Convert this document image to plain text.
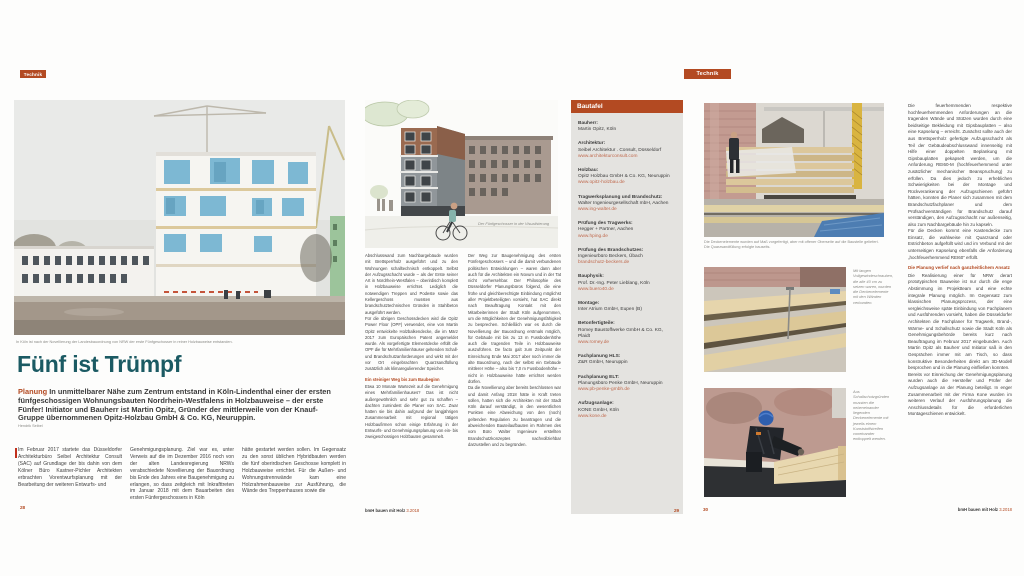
Technik
In Köln ist nach der Novellierung der Landesbauordnung von NRW der erste Fünfgeschosser in reiner Holzbauweise entstanden.
Fünf ist Trümpf
Planung In unmittelbarer Nähe zum Zentrum entstand in Köln-Lindenthal einer der ersten fünfgeschossigen Wohnungsbauten Nordrhein-Westfalens in Holzbauweise – der erste Fünfer! Initiator und Bauherr ist Martin Opitz, Gründer der mittlerweile von der Knauf-Gruppe übernommenen Opitz-Holzbau GmbH & Co. KG, Neuruppin.
Hendrik Seibel
Im Februar 2017 startete das Düsseldorfer Architekturbüro Seibel Architektur Consult (SAC) auf Grundlage der bis dahin von dem Kölner Büro Kastner-Pichler Architekten erbrachten Vorentwurfsplanung mit der Bearbeitung der weiteren Entwurfs- und
Genehmigungsplanung. Ziel war es, unter Verweis auf die im Dezember 2016 noch von der alten Landesregierung NRWs verabschiedete Novellierung der Bauordnung bis Ende des Jahres eine Baugenehmigung zu erlangen, so dass zeitgleich mit Inkrafttreten im Januar 2018 mit dem Bauarbeiten des ersten Fünfergeschossers in Köln
hätte gestartet werden sollen. Im Gegensatz zu den sonst üblichen Hybridbauten werden die fünf oberirdischen Geschosse komplett in Holzbauweise errichtet. Für die Außen- und Wohnungstrennwände kam eine Holzrahmenbauweise zur Ausführung, die Wände des Treppenhauses sowie die
28
Der Fünfgeschosser in der Visualisierung
Abschlusswand zum Nachbargebäude wurden mit Brettsperrholz ausgeführt und zu den Wohnungen schalltechnisch entkoppelt. Selbst der Aufzugsschacht wurde – als der Erste seiner Art in Nordrhein-Westfalen – oberirdisch komplett in Holzbauweise errichtet. Lediglich die notwendigen Treppen und Podeste sowie das Kellergeschoss mussten aus brandschutztechnischen Gründen in Stahlbeton ausgeführt werden.
Für die übrigen Geschossdecken wird die Opitz Power Floor (OPF) verwendet, eine von Martin Opitz entwickelte Holzbalkendecke, die im März 2017 zum Europäischen Patent angemeldet wurde. Als vorgefertigte Elementdecke erfüllt die OPF die für Mehrfamilienhäuser geltenden Schall- und Brandschutzanforderungen und wirkt mit der vor Ort eingebrachten Quarzsandfüllung zusätzlich als klimaregulierender Speicher.
Ein steiniger Weg bis zum Baubeginn
Etwa 10 Monate Wartezeit auf die Genehmigung eines Mehrfamilienhauses? Das ist nicht außergewöhnlich und sehr gut zu schaffen – dachten zumindest die Planer von SAC. Zwar hatten sie bis dahin aufgrund der langjährigen Zusammenarbeit mit regional tätigen Holzbaufirmen schon einige Erfahrung in der Entwurfs- und Genehmigungsplanung von ein- bis zweigeschossigen Holzbauten gesammelt.
Der Weg zur Baugenehmigung des ersten Fünfergeschossers – und die damit verbundenen politischen Entwicklungen – waren dann aber auch für die Architekten ein Novum und in der Tat nicht vorhersehbar. Der Philosophie des Düsseldorfer Planungsbüros folgend, die eine frühe und gleichberechtigte Einbindung möglichst aller Projektbeteiligten vorsieht, hat SAC direkt nach Beauftragung Kontakt mit den Mitarbeiterinnen der Stadt Köln aufgenommen, um die Möglichkeiten der Genehmigungsfähigkeit zu besprechen. Schließlich war es durch die Novellierung der Bauordnung erstmals möglich, für Gebäude mit bis zu 13 m Fussbodenhöhe auch die tragenden Teile in Holzbauweise auszuführen. De facto galt zum Zeitpunkt der Einreichung Ende Mai 2017 aber noch immer die alte Bauordnung, nach der selbst ein Gebäude mittlerer Höhe – also bis 7,0 m Fussbodenhöhe – nicht in Holzbauweise hätte errichtet werden dürfen.
Da die Novellierung aber bereits beschlossen war und damit Anfang 2018 hätte in Kraft treten sollen, hatten sich die Architekten mit der Stadt Köln darauf verständigt, in den wesentlichen Punkten eine Abweichung von den (noch) geltenden Regularien zu beantragen und die abweichenden Bauteilaufbauten im Rahmen des vom Büro Walter Ingenieure erstellten Brandschutzkonzeptes nachvollziehbar darzustellen und zu begründen.
Bautafel
Bauherr:
Martin Opitz, Köln
Architektur:
Seibel Architektur . Consult, Düsseldorf
www.architekturconsult.com
Holzbau:
Opitz Holzbau GmbH & Co. KG, Neuruppin
www.opitz-holzbau.de
Tragwerksplanung und Brandschutz:
Walter Ingenieurgesellschaft mbH, Aachen
www.ing-walter.de
Prüfung des Tragwerks:
Hegger + Partner, Aachen
www.hping.de
Prüfung des Brandschutzes:
Ingenieurbüro Beckers, Übach
brandschutz-beckers.de
Bauphysik:
Prof. Dr.-Ing. Peter Lieblang, Köln
www.buero40.de
Montage:
Inter Atrium GmbH, Eupen (B)
Betonfertigteile:
Romey Baustoffwerke GmbH & Co. KG, Plaidt
www.romey.de
Fachplanung HLS:
Z&R GmbH, Neuruppin
Fachplanung ELT:
Planungsbüro Penke GmbH, Neuruppin
www.pb-penke-gmbh.de
Aufzugsanlage:
KONE GmbH, Köln
www.kone.de
bmH bauen mit Holz 3.2018	29
Technik
Die Deckenelemente wurden auf Maß vorgefertigt, aber mit offener Oberseite auf die Baustelle geliefert. Die Quarzsandfüllung erfolgte bauseits.
Mit langen Vollgewindeschrauben, die alle 40 cm zu setzen waren, wurden die Deckenelemente mit den Wänden verbunden.
Aus Schallschutzgründen mussten die nebeneinander liegenden Deckenelemente mit jeweils einem Kunststoffstreifen voneinander entkoppelt werden.
Die feuerhemmenden respektive hochfeuerhemmenden Anforderungen an die tragenden Wände und Stützen wurden durch eine beidseitige Bekleidung mit Gipsbauplatten – also eine Kapselung – erreicht. Zunächst sollte auch der aus Brettsperrholz gefertigte Aufzugsschacht als Teil der Gebäudeabschlusswand innenseitig mit Hilfe einer doppelten Beplankung mit Gipsbauplatten gekapselt werden, um die Anforderung REI60-M (hochfeuerhemmend unter zusätzlicher mechanischer Beanspruchung) zu erfüllen. Da dies jedoch zu erheblichen Schwierigkeiten bei der Montage und Rückverankerung der Aufzugschienen geführt hätten, konnten die Planer sich zusammen mit dem Brandschutzfachplaner und dem Prüfsachverständigen für Brandschutz darauf verständigen, den Aufzugsschacht nur außenseitig, also zum Nachbargebäude hin zu kapseln.
Für die Decken kommt eine Kastendecke zum Einsatz, die wahlweise mit Quarzsand oder Estrichbeton aufgefüllt wird und im Verbund mit der unterseitigen Kapselung ebenfalls die Anforderung „hochfeuerhemmend REI60“ erfüllt.
Die Planung verlief nach ganzheitlichem Ansatz
Die Realisierung einer für NRW derart prototypischen Bauweise ist nur durch die enge Abstimmung im Projektteam und eine echte integrale Planung möglich. Im Gegensatz zum klassischen Planungsprozess, der eine vergleichsweise späte Einbindung von Fachplanern und Ausführenden vorsieht, haben die Düsseldorfer Architekten die Fachplaner für Tragwerk, Brand-, Wärme- und Schallschutz sowie die Stadt Köln als Genehmigungsbehörde bereits kurz nach Beauftragung im Februar 2017 eingebunden. Auch Martin Opitz als Bauherr und Initiator saß in den Gesprächen immer mit am Tisch, so dass konstruktive Besonderheiten direkt am 3D-Modell besprochen und in die Planung einfließen konnten.
Bereits vor Einreichung der Genehmigungsplanung wurden auch die Hersteller und Prüfer der Aufzugsanlage an der Planung beteiligt. In enger Zusammenarbeit mit der Firma Kone wurden im weiteren Verlauf der Ausführungsplanung die Anschlussdetails für die erforderlichen Montageschienen entwickelt.
30	bmH bauen mit Holz 3.2018
